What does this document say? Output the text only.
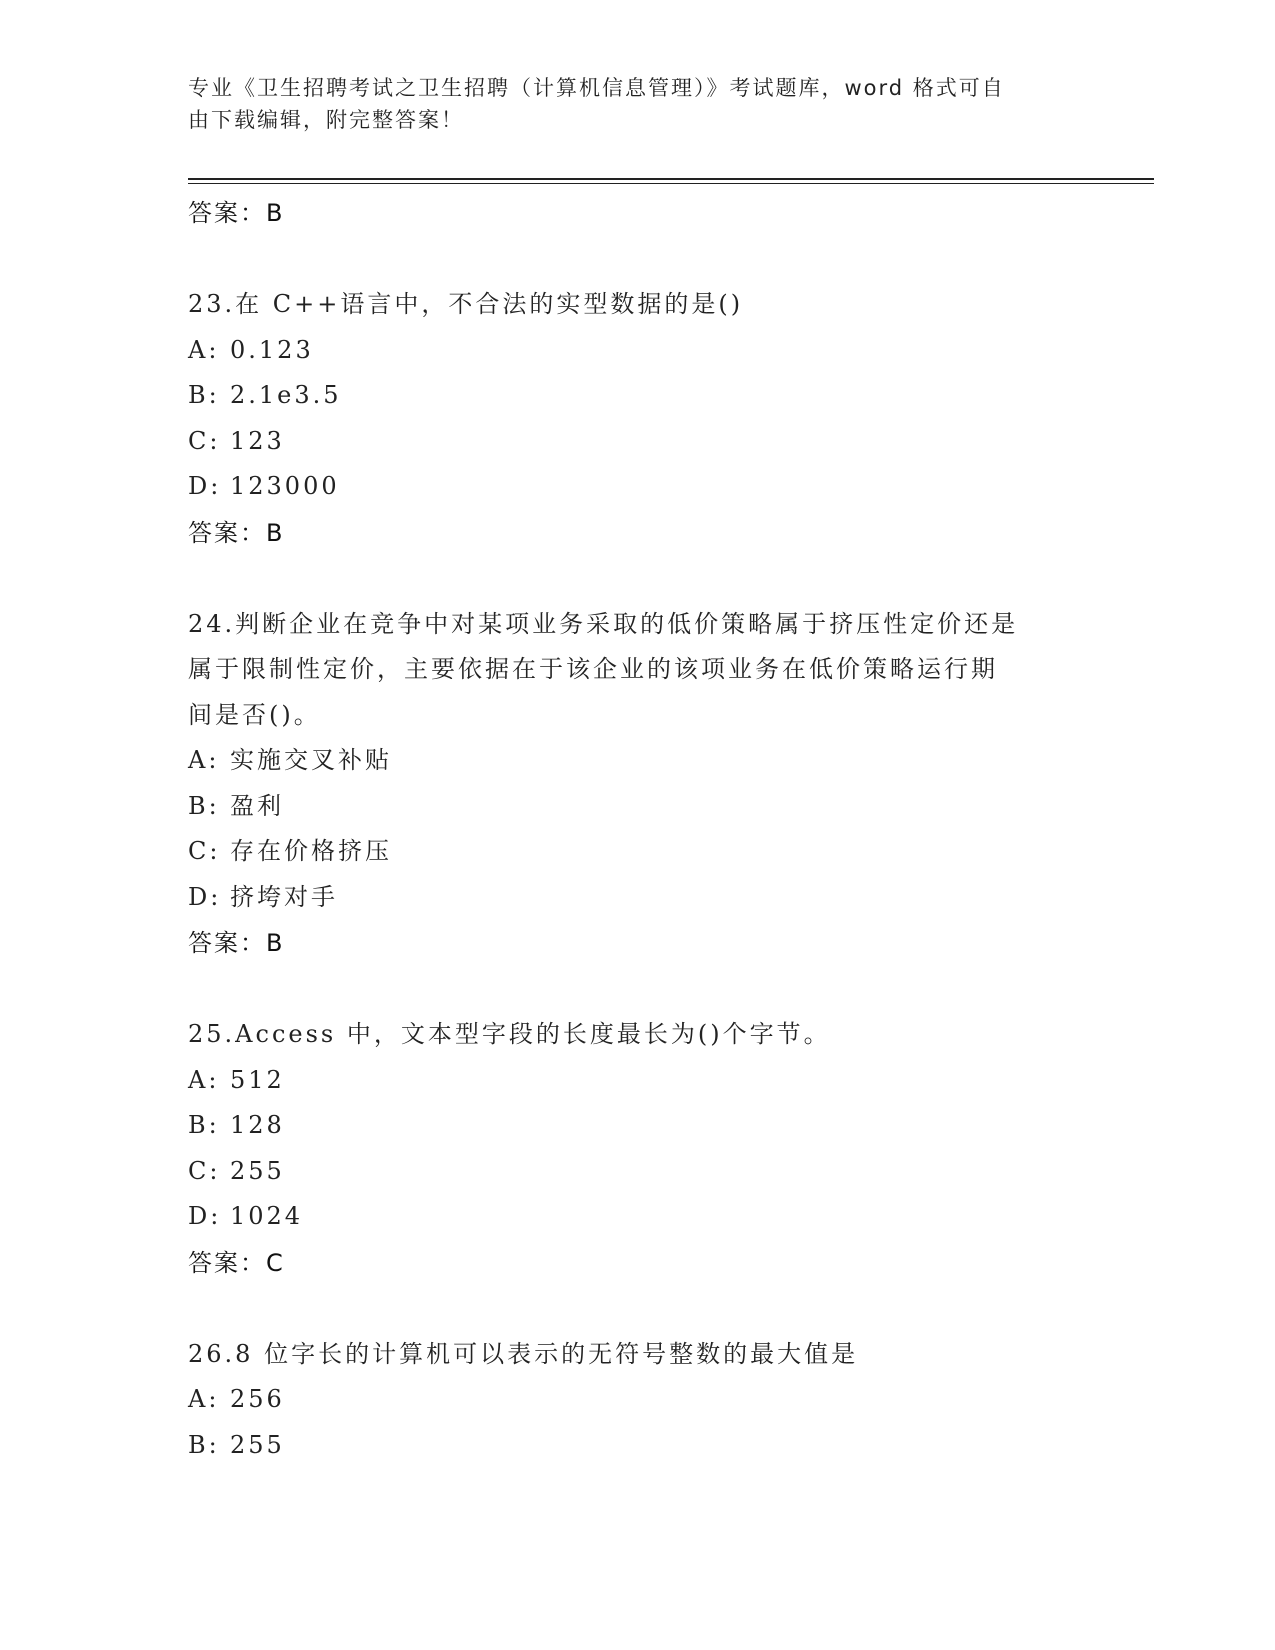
专业《卫生招聘考试之卫生招聘（计算机信息管理）》考试题库，word 格式可自
由下载编辑，附完整答案！
答案：B
23.在 C++语言中，不合法的实型数据的是()
A: 0.123
B: 2.1e3.5
C: 123
D: 123000
答案：B
24.判断企业在竞争中对某项业务采取的低价策略属于挤压性定价还是
属于限制性定价，主要依据在于该企业的该项业务在低价策略运行期
间是否()。
A: 实施交叉补贴
B: 盈利
C: 存在价格挤压
D: 挤垮对手
答案：B
25.Access 中，文本型字段的长度最长为()个字节。
A: 512
B: 128
C: 255
D: 1024
答案：C
26.8 位字长的计算机可以表示的无符号整数的最大值是
A: 256
B: 255
